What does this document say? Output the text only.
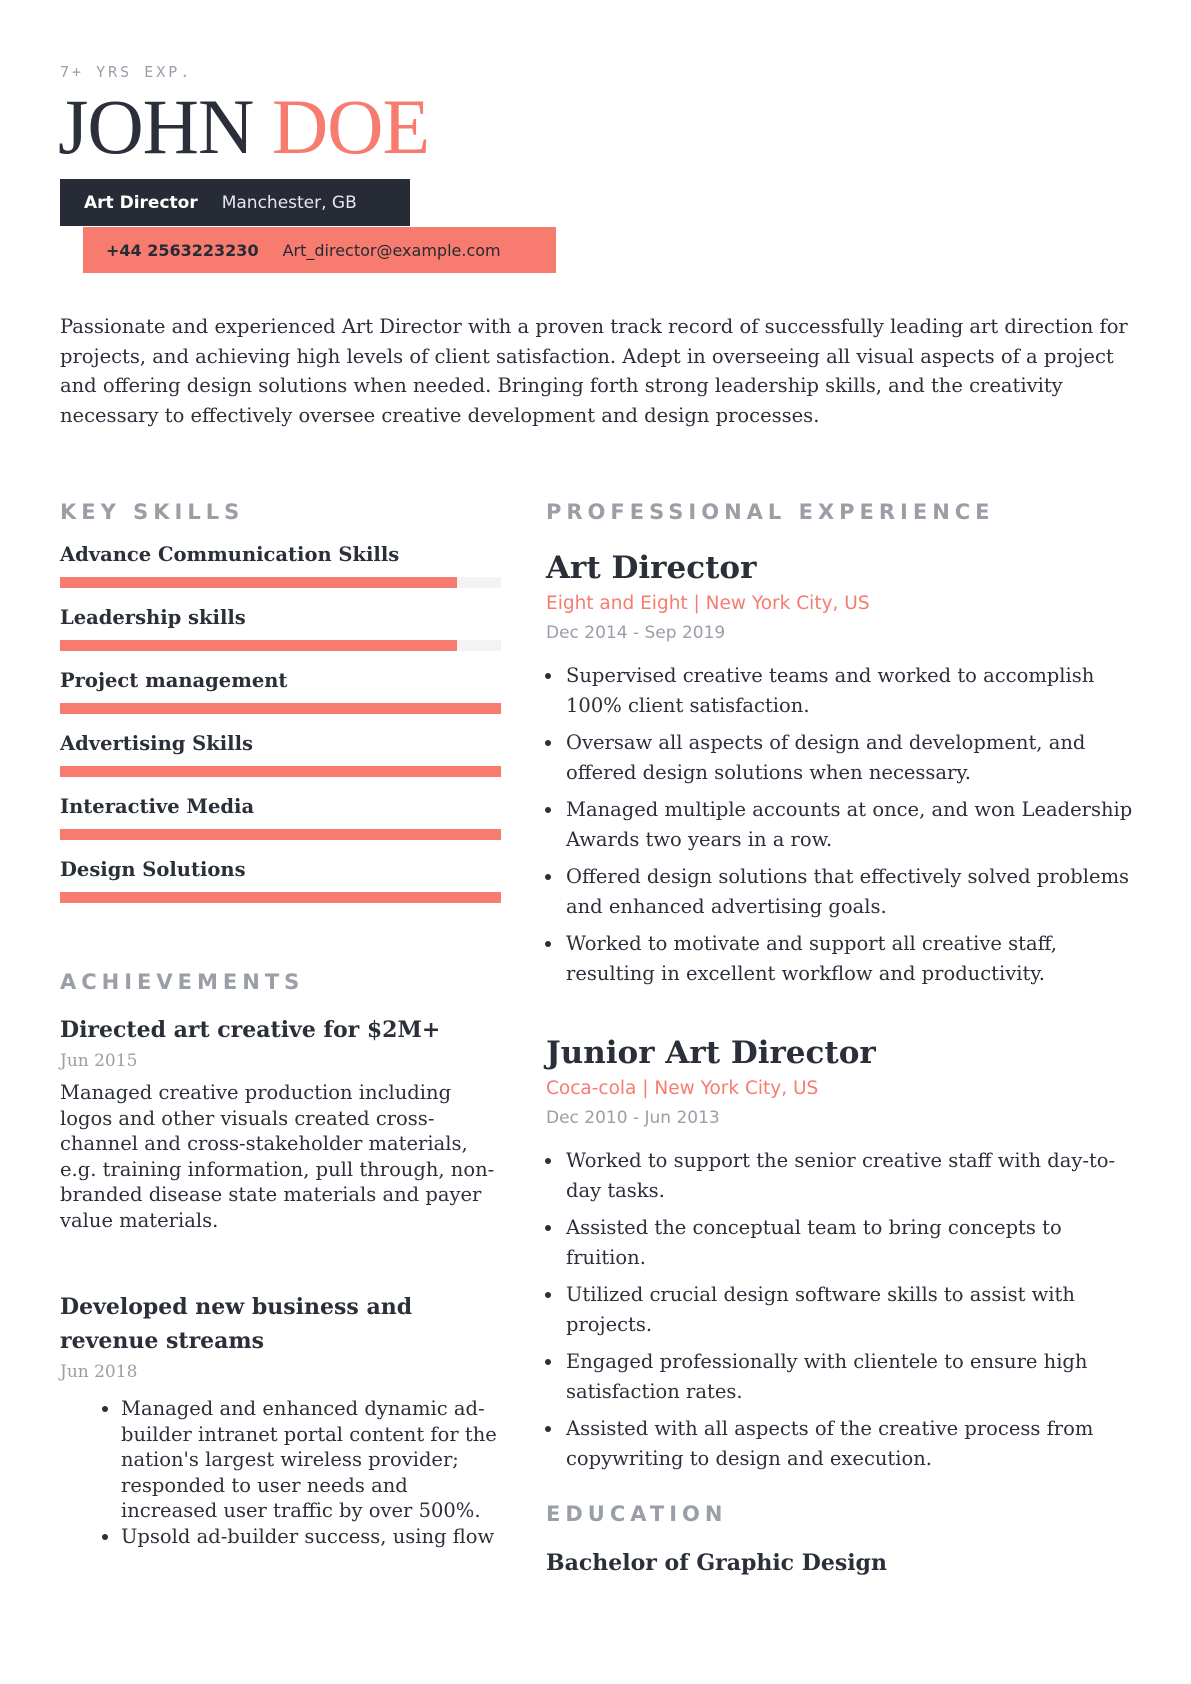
7+ YRS EXP.
JOHN DOE
Art Director Manchester, GB
+44 2563223230 Art_director@example.com

Passionate and experienced Art Director with a proven track record of successfully leading art direction for projects, and achieving high levels of client satisfaction. Adept in overseeing all visual aspects of a project and offering design solutions when needed. Bringing forth strong leadership skills, and the creativity necessary to effectively oversee creative development and design processes.

KEY SKILLS
Advance Communication Skills
Leadership skills
Project management
Advertising Skills
Interactive Media
Design Solutions
ACHIEVEMENTS
Directed art creative for $2M+
Jun 2015
Managed creative production including logos and other visuals created cross-channel and cross-stakeholder materials, e.g. training information, pull through, non-branded disease state materials and payer value materials.
Developed new business and revenue streams
Jun 2018
• Managed and enhanced dynamic ad-builder intranet portal content for the nation's largest wireless provider; responded to user needs and increased user traffic by over 500%.
• Upsold ad-builder success, using flow
PROFESSIONAL EXPERIENCE
Art Director
Eight and Eight | New York City, US
Dec 2014 - Sep 2019
• Supervised creative teams and worked to accomplish 100% client satisfaction.
• Oversaw all aspects of design and development, and offered design solutions when necessary.
• Managed multiple accounts at once, and won Leadership Awards two years in a row.
• Offered design solutions that effectively solved problems and enhanced advertising goals.
• Worked to motivate and support all creative staff, resulting in excellent workflow and productivity.
Junior Art Director
Coca-cola | New York City, US
Dec 2010 - Jun 2013
• Worked to support the senior creative staff with day-to-day tasks.
• Assisted the conceptual team to bring concepts to fruition.
• Utilized crucial design software skills to assist with projects.
• Engaged professionally with clientele to ensure high satisfaction rates.
• Assisted with all aspects of the creative process from copywriting to design and execution.
EDUCATION
Bachelor of Graphic Design
